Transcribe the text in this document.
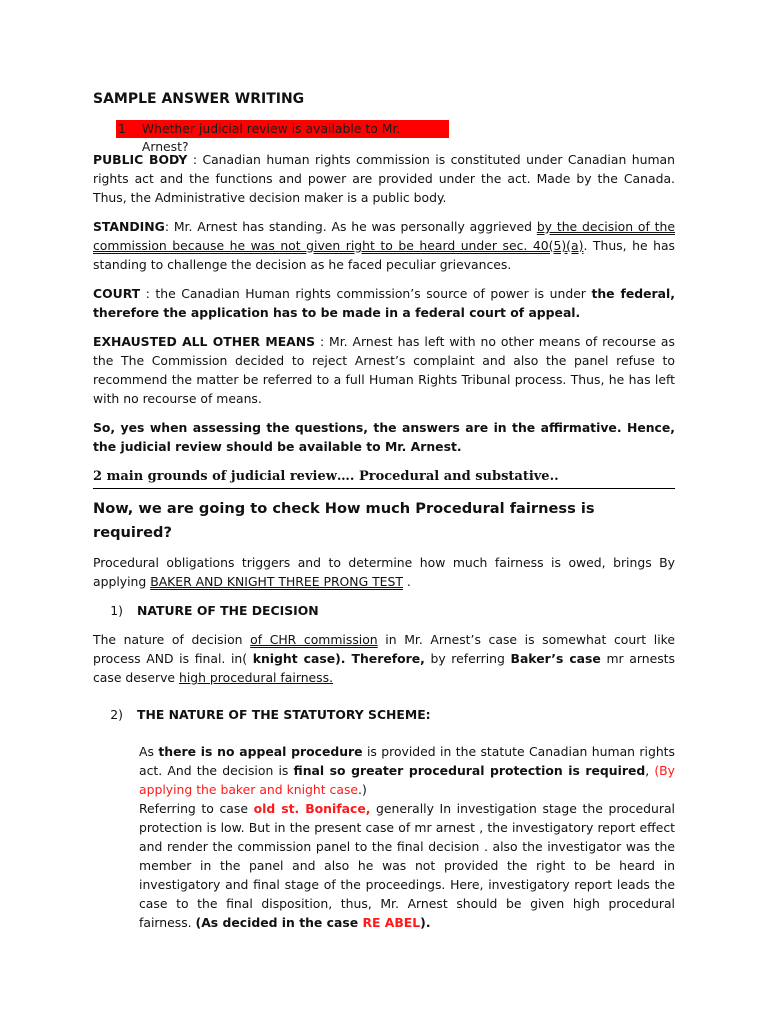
SAMPLE ANSWER WRITING
1	Whether judicial review is available to Mr. Arnest?

PUBLIC BODY : Canadian human rights commission is constituted under Canadian human rights act and the functions and power are provided under the act. Made by the Canada. Thus, the Administrative decision maker is a public body.

STANDING: Mr. Arnest has standing. As he was personally aggrieved by the decision of the commission because he was not given right to be heard under sec. 40(5)(a). Thus, he has standing to challenge the decision as he faced peculiar grievances.

COURT : the Canadian Human rights commission’s source of power is under the federal, therefore the application has to be made in a federal court of appeal.

EXHAUSTED ALL OTHER MEANS : Mr. Arnest has left with no other means of recourse as the The Commission decided to reject Arnest’s complaint and also the panel refuse to recommend the matter be referred to a full Human Rights Tribunal process. Thus, he has left with no recourse of means.

So, yes when assessing the questions, the answers are in the affirmative. Hence, the judicial review should be available to Mr. Arnest.

2 main grounds of judicial review…. Procedural and substative..
Now, we are going to check How much Procedural fairness is required?

Procedural obligations triggers and to determine how much fairness is owed, brings By applying BAKER AND KNIGHT THREE PRONG TEST .

1)	NATURE OF THE DECISION

The nature of decision of CHR commission in Mr. Arnest’s case is somewhat court like process AND is final. in( knight case). Therefore, by referring Baker’s case mr arnests case deserve high procedural fairness.

2)	THE NATURE OF THE STATUTORY SCHEME:

As there is no appeal procedure is provided in the statute Canadian human rights act. And the decision is final so greater procedural protection is required, (By applying the baker and knight case.)

Referring to case old st. Boniface, generally In investigation stage the procedural protection is low. But in the present case of mr arnest , the investigatory report effect and render the commission panel to the final decision . also the investigator was the member in the panel and also he was not provided the right to be heard in investigatory and final stage of the proceedings. Here, investigatory report leads the case to the final disposition, thus, Mr. Arnest should be given high procedural fairness. (As decided in the case RE ABEL).
